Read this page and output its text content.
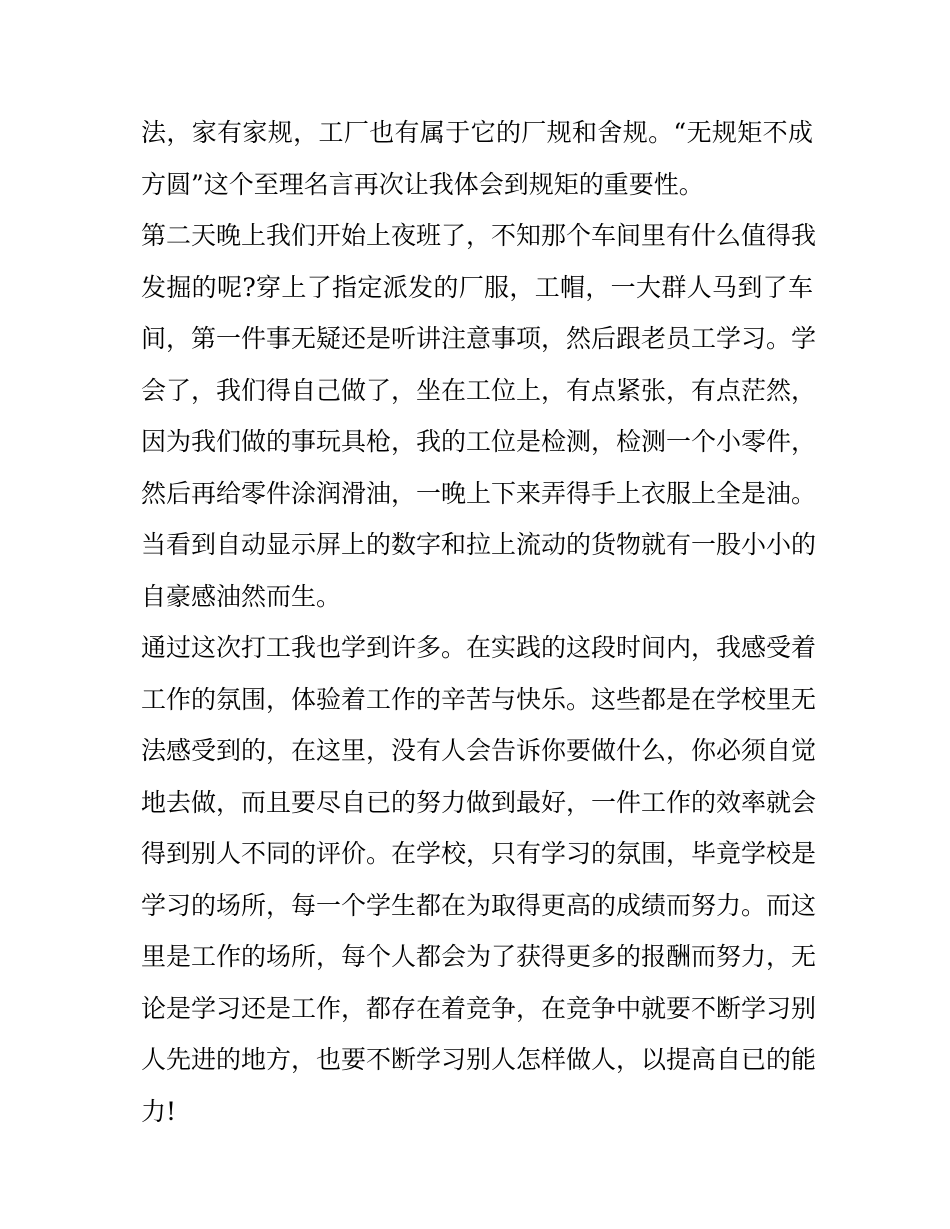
法，家有家规，工厂也有属于它的厂规和舍规。“无规矩不成
方圆”这个至理名言再次让我体会到规矩的重要性。
第二天晚上我们开始上夜班了，不知那个车间里有什么值得我
发掘的呢?穿上了指定派发的厂服，工帽，一大群人马到了车
间，第一件事无疑还是听讲注意事项，然后跟老员工学习。学
会了，我们得自己做了，坐在工位上，有点紧张，有点茫然，
因为我们做的事玩具枪，我的工位是检测，检测一个小零件，
然后再给零件涂润滑油，一晚上下来弄得手上衣服上全是油。
当看到自动显示屏上的数字和拉上流动的货物就有一股小小的
自豪感油然而生。
通过这次打工我也学到许多。在实践的这段时间内，我感受着
工作的氛围，体验着工作的辛苦与快乐。这些都是在学校里无
法感受到的，在这里，没有人会告诉你要做什么，你必须自觉
地去做，而且要尽自已的努力做到最好，一件工作的效率就会
得到别人不同的评价。在学校，只有学习的氛围，毕竟学校是
学习的场所，每一个学生都在为取得更高的成绩而努力。而这
里是工作的场所，每个人都会为了获得更多的报酬而努力，无
论是学习还是工作，都存在着竞争，在竞争中就要不断学习别
人先进的地方，也要不断学习别人怎样做人，以提高自已的能
力!
